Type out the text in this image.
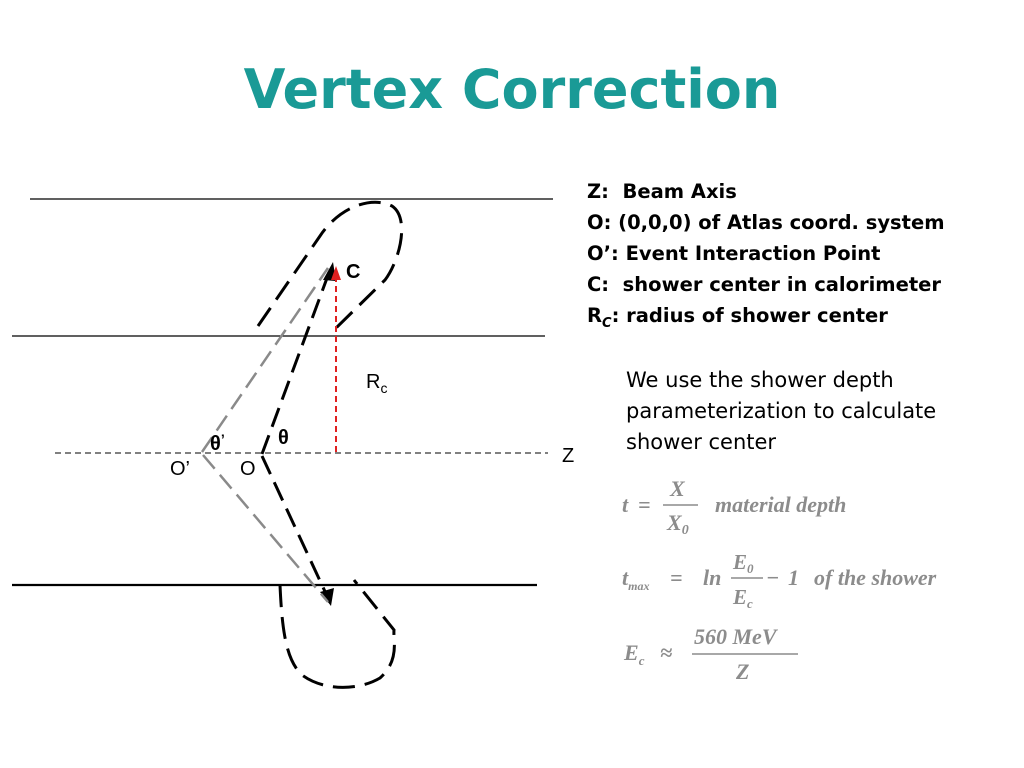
Vertex Correction
C
$R_c$
θ’	θ
O’	O
Z
t =
X
X0
material depth
$t_{max} = \ln$
E0
Ec
− 1 of the shower
$E_c$ ≈
560 MeV
Z
Z:  Beam Axis
O: (0,0,0) of Atlas coord. system
O’: Event Interaction Point
C:  shower center in calorimeter
$R_C$: radius of shower center
We use the shower depth
parameterization to calculate
shower center
